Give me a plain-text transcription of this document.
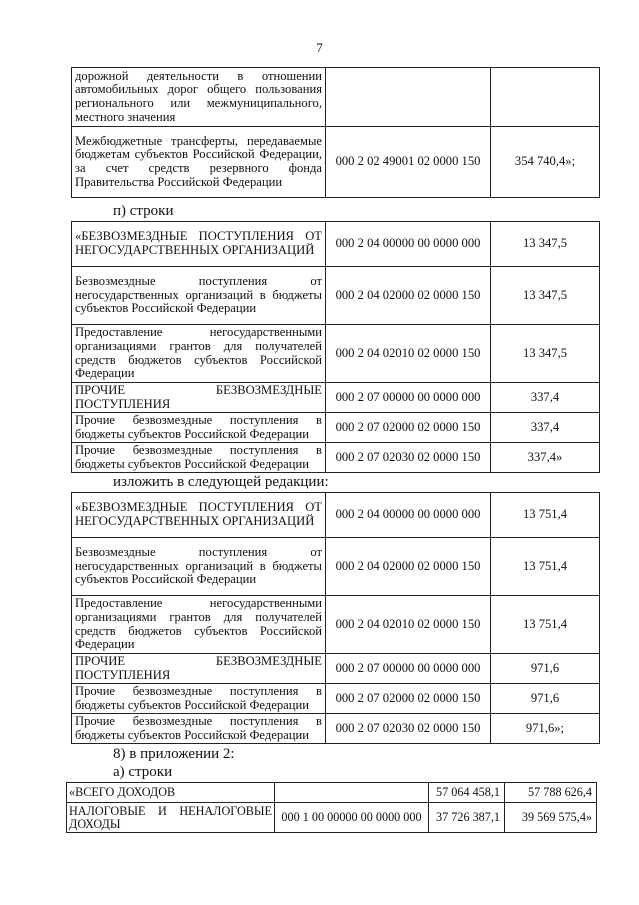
7
дорожной деятельности в отношении автомобильных дорог общего пользования регионального или межмуниципального, местного значения		
Межбюджетные трансферты, передаваемые бюджетам субъектов Российской Федерации, за счет средств резервного фонда Правительства Российской Федерации	000 2 02 49001 02 0000 150	354 740,4»;
п) строки
«БЕЗВОЗМЕЗДНЫЕ ПОСТУПЛЕНИЯ ОТ НЕГОСУДАРСТВЕННЫХ ОРГАНИЗАЦИЙ	000 2 04 00000 00 0000 000	13 347,5
Безвозмездные поступления от негосударственных организаций в бюджеты субъектов Российской Федерации	000 2 04 02000 02 0000 150	13 347,5
Предоставление негосударственными организациями грантов для получателей средств бюджетов субъектов Российской Федерации	000 2 04 02010 02 0000 150	13 347,5
ПРОЧИЕ БЕЗВОЗМЕЗДНЫЕ ПОСТУПЛЕНИЯ	000 2 07 00000 00 0000 000	337,4
Прочие безвозмездные поступления в бюджеты субъектов Российской Федерации	000 2 07 02000 02 0000 150	337,4
Прочие безвозмездные поступления в бюджеты субъектов Российской Федерации	000 2 07 02030 02 0000 150	337,4»
изложить в следующей редакции:
«БЕЗВОЗМЕЗДНЫЕ ПОСТУПЛЕНИЯ ОТ НЕГОСУДАРСТВЕННЫХ ОРГАНИЗАЦИЙ	000 2 04 00000 00 0000 000	13 751,4
Безвозмездные поступления от негосударственных организаций в бюджеты субъектов Российской Федерации	000 2 04 02000 02 0000 150	13 751,4
Предоставление негосударственными организациями грантов для получателей средств бюджетов субъектов Российской Федерации	000 2 04 02010 02 0000 150	13 751,4
ПРОЧИЕ БЕЗВОЗМЕЗДНЫЕ ПОСТУПЛЕНИЯ	000 2 07 00000 00 0000 000	971,6
Прочие безвозмездные поступления в бюджеты субъектов Российской Федерации	000 2 07 02000 02 0000 150	971,6
Прочие безвозмездные поступления в бюджеты субъектов Российской Федерации	000 2 07 02030 02 0000 150	971,6»;
8) в приложении 2:
а) строки
«ВСЕГО ДОХОДОВ		57 064 458,1	57 788 626,4
НАЛОГОВЫЕ И НЕНАЛОГОВЫЕ ДОХОДЫ	000 1 00 00000 00 0000 000	37 726 387,1	39 569 575,4»
